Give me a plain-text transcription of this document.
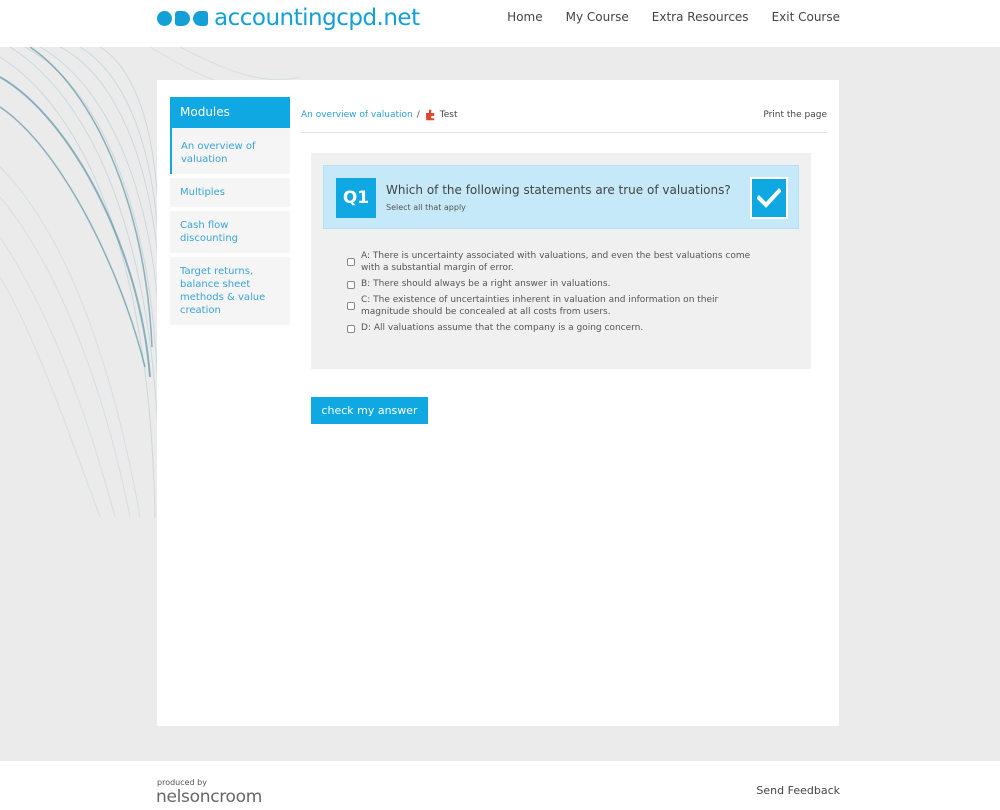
accountingcpd.net	Home My Course Extra Resources Exit Course
Modules
An overview of valuation
Multiples
Cash flow discounting
Target returns, balance sheet methods & value creation
An overview of valuation / Test	Print the page
Q1	Which of the following statements are true of valuations?
Select all that apply
A: There is uncertainty associated with valuations, and even the best valuations come with a substantial margin of error.
B: There should always be a right answer in valuations.
C: The existence of uncertainties inherent in valuation and information on their magnitude should be concealed at all costs from users.
D: All valuations assume that the company is a going concern.
check my answer
produced by
nelsoncroom	Send Feedback
